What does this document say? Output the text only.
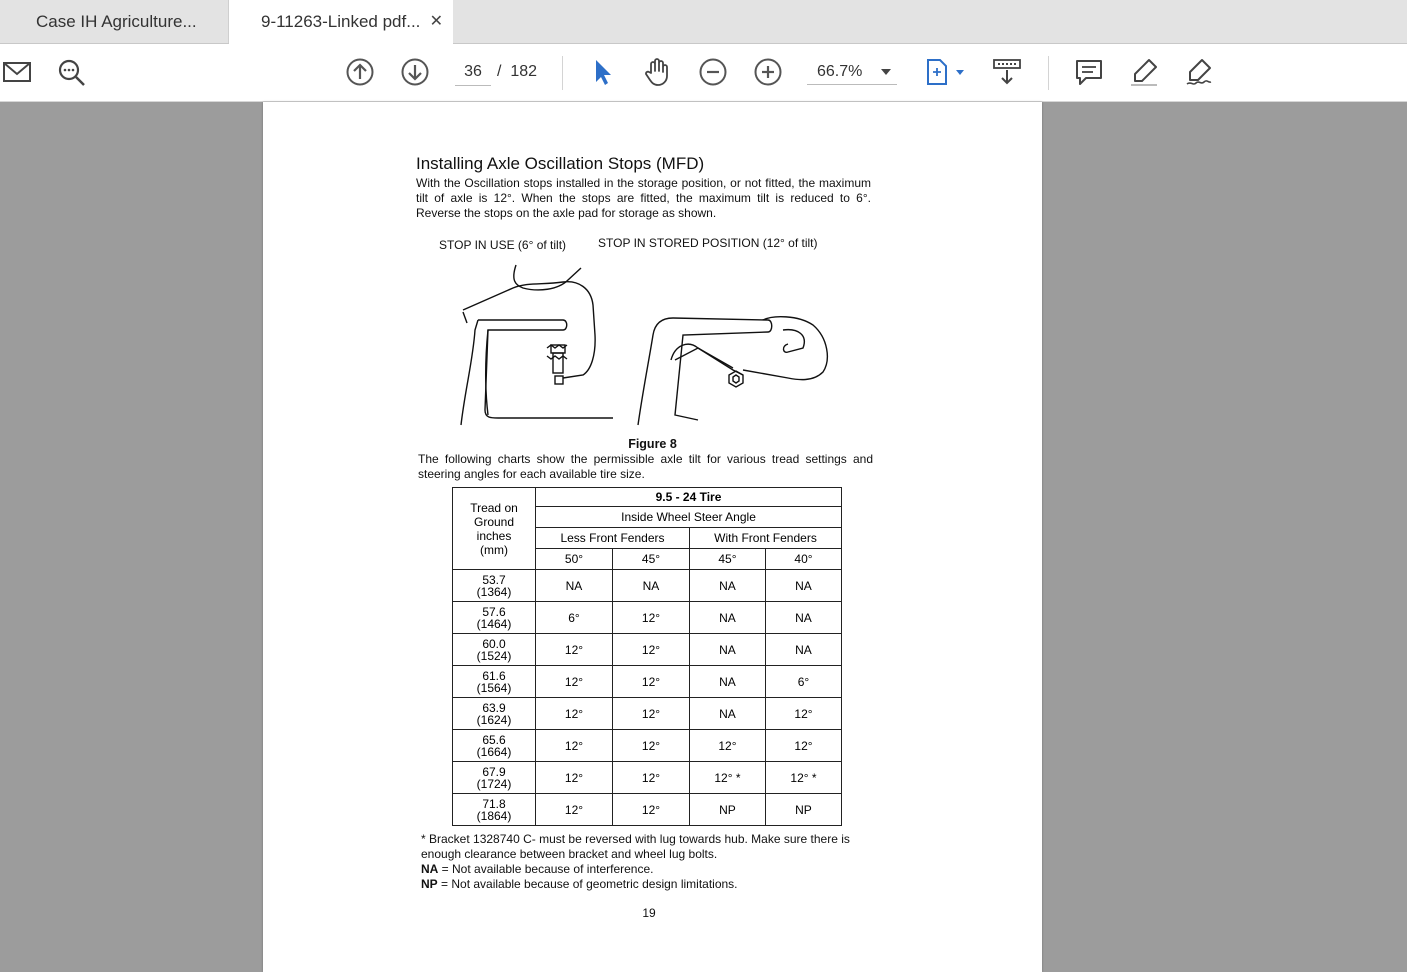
Case IH Agriculture...	9-11263-Linked pdf... ✕
36 / 182	66.7%
Installing Axle Oscillation Stops (MFD)
With the Oscillation stops installed in the storage position, or not fitted, the maximum tilt of axle is 12°. When the stops are fitted, the maximum tilt is reduced to 6°. Reverse the stops on the axle pad for storage as shown.
STOP IN USE (6° of tilt)	STOP IN STORED POSITION (12° of tilt)
Figure 8
The following charts show the permissible axle tilt for various tread settings and steering angles for each available tire size.
Tread on
Ground
inches
(mm)	9.5 - 24 Tire			
	Inside Wheel Steer Angle			
	Less Front Fenders		With Front Fenders	
	50°	45°	45°	40°

53.7
(1364)	NA	NA	NA	NA

57.6
(1464)	6°	12°	NA	NA

60.0
(1524)	12°	12°	NA	NA

61.6
(1564)	12°	12°	NA	6°

63.9
(1624)	12°	12°	NA	12°

65.6
(1664)	12°	12°	12°	12°

67.9
(1724)	12°	12°	12° *	12° *

71.8
(1864)	12°	12°	NP	NP
* Bracket 1328740 C- must be reversed with lug towards hub. Make sure there is enough clearance between bracket and wheel lug bolts.
NA = Not available because of interference.
NP = Not available because of geometric design limitations.
19
